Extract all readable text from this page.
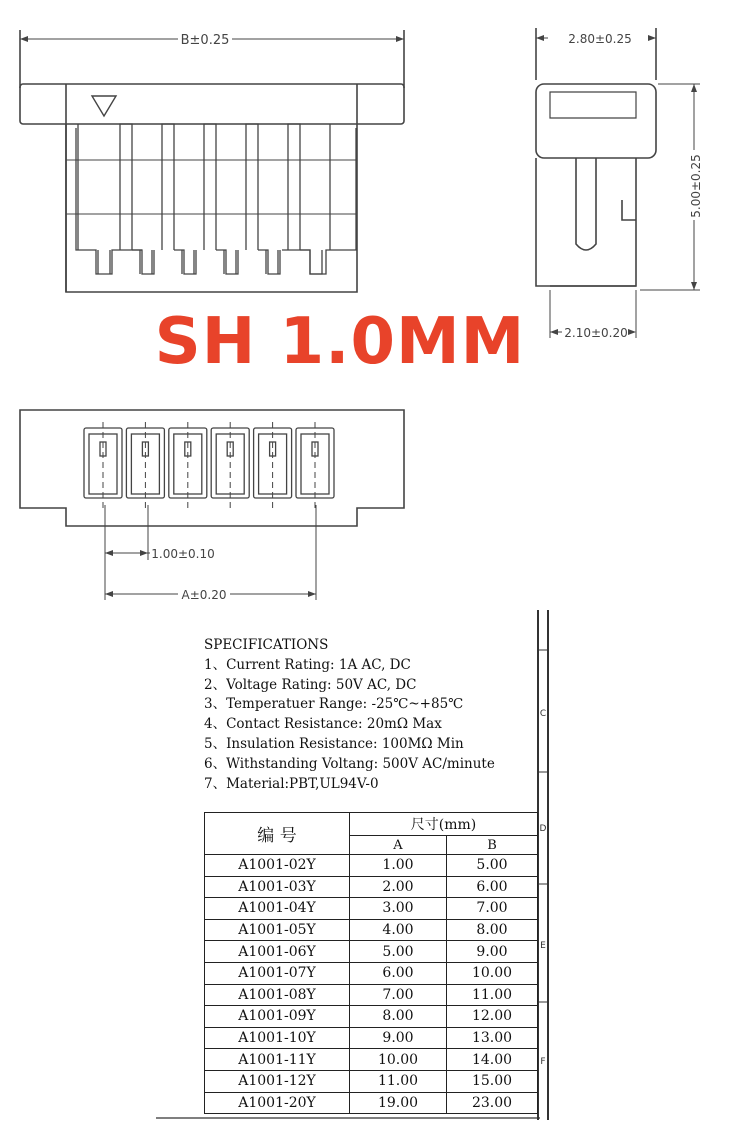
B±0.25	2.80±0.25
5.00±0.25
2.10±0.20
1.00±0.10
A±0.20
C
D
E
F
SH 1.0MM
SPECIFICATIONS
1、Current Rating: 1A AC, DC
2、Voltage Rating: 50V AC, DC
3、Temperatuer Range: -25℃~+85℃
4、Contact Resistance: 20mΩ Max
5、Insulation Resistance: 100MΩ Min
6、Withstanding Voltang: 500V AC/minute
7、Material:PBT,UL94V-0
编 号	尺寸(mm)	
	A	B
A1001-02Y	1.00	5.00
A1001-03Y	2.00	6.00
A1001-04Y	3.00	7.00
A1001-05Y	4.00	8.00
A1001-06Y	5.00	9.00
A1001-07Y	6.00	10.00
A1001-08Y	7.00	11.00
A1001-09Y	8.00	12.00
A1001-10Y	9.00	13.00
A1001-11Y	10.00	14.00
A1001-12Y	11.00	15.00
A1001-20Y	19.00	23.00
